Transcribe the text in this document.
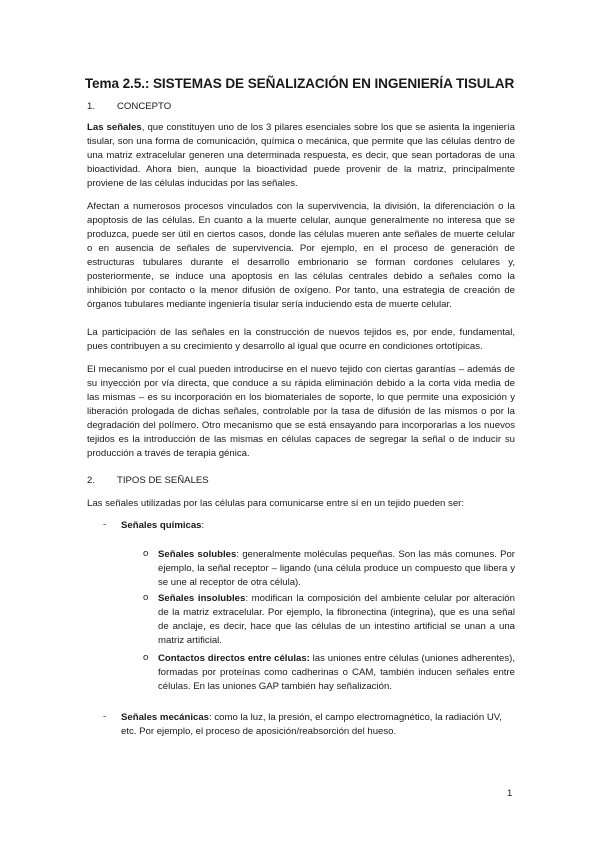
Tema 2.5.: SISTEMAS DE SEÑALIZACIÓN EN INGENIERÍA TISULAR
1. CONCEPTO

Las señales, que constituyen uno de los 3 pilares esenciales sobre los que se asienta la ingeniería tisular, son una forma de comunicación, química o mecánica, que permite que las células dentro de una matriz extracelular generen una determinada respuesta, es decir, que sean portadoras de una bioactividad. Ahora bien, aunque la bioactividad puede provenir de la matriz, principalmente proviene de las células inducidas por las señales.

Afectan a numerosos procesos vinculados con la supervivencia, la división, la diferenciación o la apoptosis de las células. En cuanto a la muerte celular, aunque generalmente no interesa que se produzca, puede ser útil en ciertos casos, donde las células mueren ante señales de muerte celular o en ausencia de señales de supervivencia. Por ejemplo, en el proceso de generación de estructuras tubulares durante el desarrollo embrionario se forman cordones celulares y, posteriormente, se induce una apoptosis en las células centrales debido a señales como la inhibición por contacto o la menor difusión de oxígeno. Por tanto, una estrategia de creación de órganos tubulares mediante ingeniería tisular sería induciendo esta de muerte celular.

La participación de las señales en la construcción de nuevos tejidos es, por ende, fundamental, pues contribuyen a su crecimiento y desarrollo al igual que ocurre en condiciones ortotípicas.

El mecanismo por el cual pueden introducirse en el nuevo tejido con ciertas garantías – además de su inyección por vía directa, que conduce a su rápida eliminación debido a la corta vida media de las mismas – es su incorporación en los biomateriales de soporte, lo que permite una exposición y liberación prologada de dichas señales, controlable por la tasa de difusión de las mismos o por la degradación del polímero. Otro mecanismo que se está ensayando para incorporarlas a los nuevos tejidos es la introducción de las mismas en células capaces de segregar la señal o de inducir su producción a través de terapia génica.

2. TIPOS DE SEÑALES

Las señales utilizadas por las células para comunicarse entre sí en un tejido pueden ser:

- Señales químicas:
o Señales solubles: generalmente moléculas pequeñas. Son las más comunes. Por ejemplo, la señal receptor – ligando (una célula produce un compuesto que libera y se une al receptor de otra célula).
o Señales insolubles: modifican la composición del ambiente celular por alteración de la matriz extracelular. Por ejemplo, la fibronectina (integrina), que es una señal de anclaje, es decir, hace que las células de un intestino artificial se unan a una matriz artificial.
o Contactos directos entre células: las uniones entre células (uniones adherentes), formadas por proteínas como cadherinas o CAM, también inducen señales entre células. En las uniones GAP también hay señalización.
- Señales mecánicas: como la luz, la presión, el campo electromagnético, la radiación UV, etc. Por ejemplo, el proceso de aposición/reabsorción del hueso.
1
